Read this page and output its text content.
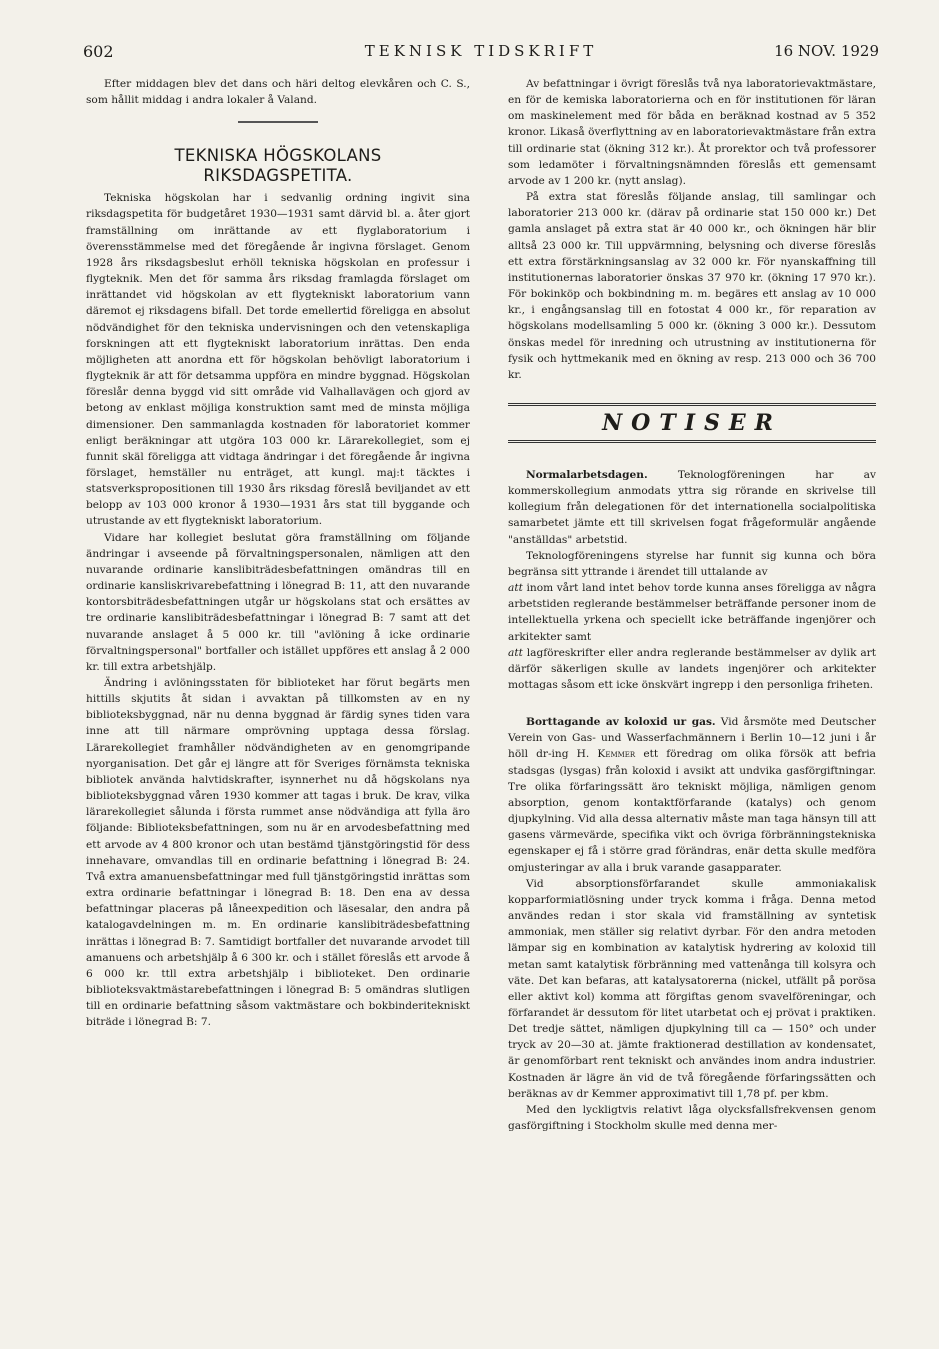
602	TEKNISK TIDSKRIFT	16 NOV. 1929

Efter middagen blev det dans och häri deltog elevkåren och C. S., som hållit middag i andra lokaler å Valand.

TEKNISKA HÖGSKOLANS
RIKSDAGSPETITA.

Tekniska högskolan har i sedvanlig ordning ingivit sina riksdagspetita för budgetåret 1930—1931 samt därvid bl. a. åter gjort framställning om inrättande av ett flyglaboratorium i överensstämmelse med det föregående år ingivna förslaget. Genom 1928 års riksdagsbeslut erhöll tekniska högskolan en professur i flygteknik. Men det för samma års riksdag framlagda förslaget om inrättandet vid högskolan av ett flygtekniskt laboratorium vann däremot ej riksdagens bifall. Det torde emellertid föreligga en absolut nödvändighet för den tekniska undervisningen och den vetenskapliga forskningen att ett flygtekniskt laboratorium inrättas. Den enda möjligheten att anordna ett för högskolan behövligt laboratorium i flygteknik är att för detsamma uppföra en mindre byggnad. Högskolan föreslår denna byggd vid sitt område vid Valhallavägen och gjord av betong av enklast möjliga konstruktion samt med de minsta möjliga dimensioner. Den sammanlagda kostnaden för laboratoriet kommer enligt beräkningar att utgöra 103 000 kr. Lärarekollegiet, som ej funnit skäl föreligga att vidtaga ändringar i det föregående år ingivna förslaget, hemställer nu enträget, att kungl. maj:t täcktes i statsverkspropositionen till 1930 års riksdag föreslå beviljandet av ett belopp av 103 000 kronor å 1930—1931 års stat till byggande och utrustande av ett flygtekniskt laboratorium.

Vidare har kollegiet beslutat göra framställning om följande ändringar i avseende på förvaltningspersonalen, nämligen att den nuvarande ordinarie kanslibiträdesbefattningen omändras till en ordinarie kansliskrivarebefattning i lönegrad B: 11, att den nuvarande kontorsbiträdesbefattningen utgår ur högskolans stat och ersättes av tre ordinarie kanslibiträdesbefattningar i lönegrad B: 7 samt att det nuvarande anslaget å 5 000 kr. till "avlöning å icke ordinarie förvaltningspersonal" bortfaller och istället uppföres ett anslag å 2 000 kr. till extra arbetshjälp.

Ändring i avlöningsstaten för biblioteket har förut begärts men hittills skjutits åt sidan i avvaktan på tillkomsten av en ny biblioteksbyggnad, när nu denna byggnad är färdig synes tiden vara inne att till närmare omprövning upptaga dessa förslag. Lärarekollegiet framhåller nödvändigheten av en genomgripande nyorganisation. Det går ej längre att för Sveriges förnämsta tekniska bibliotek använda halvtidskrafter, isynnerhet nu då högskolans nya biblioteksbyggnad våren 1930 kommer att tagas i bruk. De krav, vilka lärarekollegiet sålunda i första rummet anse nödvändiga att fylla äro följande: Biblioteksbefattningen, som nu är en arvodesbefattning med ett arvode av 4 800 kronor och utan bestämd tjänstgöringstid för dess innehavare, omvandlas till en ordinarie befattning i lönegrad B: 24. Två extra amanuensbefattningar med full tjänstgöringstid inrättas som extra ordinarie befattningar i lönegrad B: 18. Den ena av dessa befattningar placeras på låneexpedition och läsesalar, den andra på katalogavdelningen m. m. En ordinarie kanslibiträdesbefattning inrättas i lönegrad B: 7. Samtidigt bortfaller det nuvarande arvodet till amanuens och arbetshjälp å 6 300 kr. och i stället föreslås ett arvode å 6 000 kr. ttll extra arbetshjälp i biblioteket. Den ordinarie biblioteksvaktmästarebefattningen i lönegrad B: 5 omändras slutligen till en ordinarie befattning såsom vaktmästare och bokbinderitekniskt biträde i lönegrad B: 7.

Av befattningar i övrigt föreslås två nya laboratorievaktmästare, en för de kemiska laboratorierna och en för institutionen för läran om maskinelement med för båda en beräknad kostnad av 5 352 kronor. Likaså överflyttning av en laboratorievaktmästare från extra till ordinarie stat (ökning 312 kr.). Åt prorektor och två professorer som ledamöter i förvaltningsnämnden föreslås ett gemensamt arvode av 1 200 kr. (nytt anslag).

På extra stat föreslås följande anslag, till samlingar och laboratorier 213 000 kr. (därav på ordinarie stat 150 000 kr.) Det gamla anslaget på extra stat är 40 000 kr., och ökningen här blir alltså 23 000 kr. Till uppvärmning, belysning och diverse föreslås ett extra förstärkningsanslag av 32 000 kr. För nyanskaffning till institutionernas laboratorier önskas 37 970 kr. (ökning 17 970 kr.). För bokinköp och bokbindning m. m. begäres ett anslag av 10 000 kr., i engångsanslag till en fotostat 4 000 kr., för reparation av högskolans modellsamling 5 000 kr. (ökning 3 000 kr.). Dessutom önskas medel för inredning och utrustning av institutionerna för fysik och hyttmekanik med en ökning av resp. 213 000 och 36 700 kr.

NOTISER

Normalarbetsdagen.	Teknologföreningen har av kommerskollegium anmodats yttra sig rörande en skrivelse till kollegium från delegationen för det internationella socialpolitiska samarbetet jämte ett till skrivelsen fogat frågeformulär angående "anställdas" arbetstid.

Teknologföreningens styrelse har funnit sig kunna och böra begränsa sitt yttrande i ärendet till uttalande av
att inom vårt land intet behov torde kunna anses föreligga av några arbetstiden reglerande bestämmelser beträffande personer inom de intellektuella yrkena och speciellt icke beträffande ingenjörer och arkitekter samt
att lagföreskrifter eller andra reglerande bestämmelser av dylik art därför säkerligen skulle av landets ingenjörer och arkitekter mottagas såsom ett icke önskvärt ingrepp i den personliga friheten.

Borttagande av koloxid ur gas. Vid årsmöte med Deutscher Verein von Gas- und Wasserfachmännern i Berlin 10—12 juni i år höll dr-ing H. Kemmer ett föredrag om olika försök att befria stadsgas (lysgas) från koloxid i avsikt att undvika gasförgiftningar. Tre olika förfaringssätt äro tekniskt möjliga, nämligen genom absorption, genom kontaktförfarande (katalys) och genom djupkylning. Vid alla dessa alternativ måste man taga hänsyn till att gasens värmevärde, specifika vikt och övriga förbränningstekniska egenskaper ej få i större grad förändras, enär detta skulle medföra omjusteringar av alla i bruk varande gasapparater.

Vid absorptionsförfarandet skulle ammoniakalisk kopparformiatlösning under tryck komma i fråga. Denna metod användes redan i stor skala vid framställning av syntetisk ammoniak, men ställer sig relativt dyrbar. För den andra metoden lämpar sig en kombination av katalytisk hydrering av koloxid till metan samt katalytisk förbränning med vattenånga till kolsyra och väte. Det kan befaras, att katalysatorerna (nickel, utfällt på porösa eller aktivt kol) komma att förgiftas genom svavelföreningar, och förfarandet är dessutom för litet utarbetat och ej prövat i praktiken. Det tredje sättet, nämligen djupkylning till ca — 150° och under tryck av 20—30 at. jämte fraktionerad destillation av kondensatet, är genomförbart rent tekniskt och användes inom andra industrier. Kostnaden är lägre än vid de två föregående förfaringssätten och beräknas av dr Kemmer approximativt till 1,78 pf. per kbm.

Med den lyckligtvis relativt låga olycksfallsfrekvensen genom gasförgiftning i Stockholm skulle med denna mer-
